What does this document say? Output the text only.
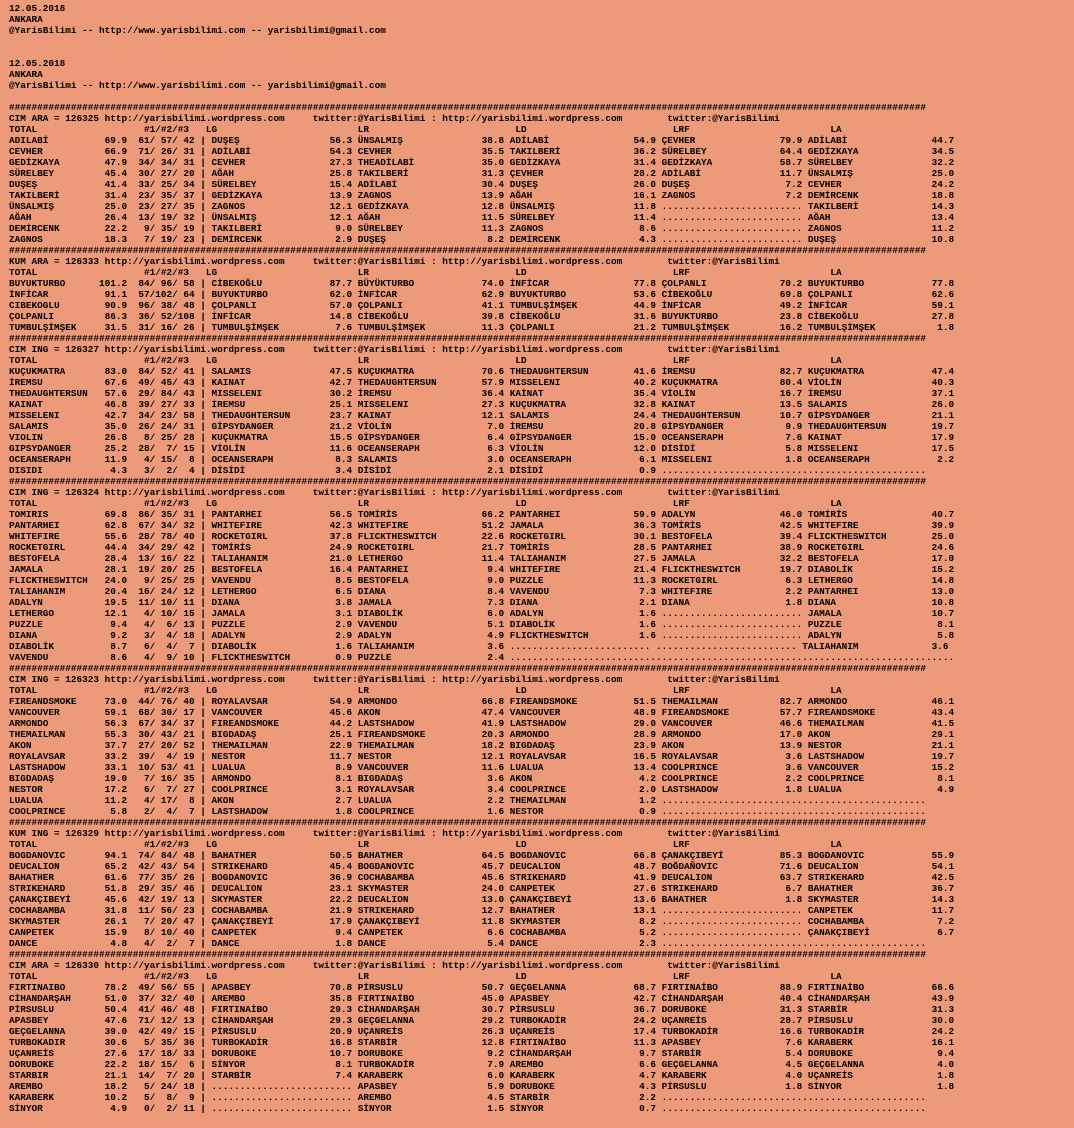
12.05.2018
ANKARA
@YarisBilimi -- http://www.yarisbilimi.com -- yarisbilimi@gmail.com
12.05.2018
ANKARA
@YarisBilimi -- http://www.yarisbilimi.com -- yarisbilimi@gmail.com
###################################################################################################################################################################
CIM ARA = 126325 http://yarisbilimi.wordpress.com     twitter:@YarisBilimi : http://yarisbilimi.wordpress.com        twitter:@YarisBilimi
TOTAL                   #1/#2/#3   LG                         LR                          LD                          LRF                         LA
ADILABİ          69.9  61/ 57/ 42 | DUŞEŞ                56.3 ÜNSALMIŞ              38.8 ADİLABİ               54.9 ÇEVHER               79.9 ADİLABİ               44.7
CEVHER           66.9  71/ 26/ 31 | ADİLABİ              54.3 CEVHER                35.5 TAKILBERİ             36.2 SÜRELBEY             64.4 GEDİZKAYA             34.5
GEDİZKAYA        47.9  34/ 34/ 31 | CEVHER               27.3 THEADİLABİ            35.0 GEDİZKAYA             31.4 GEDİZKAYA            58.7 SÜRELBEY              32.2
SÜRELBEY         45.4  30/ 27/ 20 | AĞAH                 25.8 TAKILBERİ             31.3 ÇEVHER                28.2 ADİLABİ              11.7 ÜNSALMIŞ              25.0
DUŞEŞ            41.4  33/ 25/ 34 | SÜRELBEY             15.4 ADİLABİ               30.4 DUŞEŞ                 26.0 DUŞEŞ                 7.2 CEVHER                24.2
TAKILBERİ        31.4  23/ 35/ 37 | GEDİZKAYA            13.9 ZAGNOS                13.9 AĞAH                  16.1 ZAGNOS                7.2 DEMİRCENK             18.8
ÜNSALMIŞ         25.0  23/ 27/ 35 | ZAGNOS               12.1 GEDİZKAYA             12.8 ÜNSALMIŞ              11.8 ......................... TAKILBERİ             14.3
AĞAH             26.4  13/ 19/ 32 | ÜNSALMIŞ             12.1 AĞAH                  11.5 SÜRELBEY              11.4 ......................... AĞAH                  13.4
DEMİRCENK        22.2   9/ 35/ 19 | TAKILBERİ             9.0 SÜRELBEY              11.3 ZAGNOS                 8.6 ......................... ZAGNOS                11.2
ZAGNOS           18.3   7/ 19/ 23 | DEMİRCENK             2.9 DUŞEŞ                  8.2 DEMİRCENK              4.3 ......................... DUŞEŞ                 10.8
###################################################################################################################################################################
KUM ARA = 126333 http://yarisbilimi.wordpress.com     twitter:@YarisBilimi : http://yarisbilimi.wordpress.com        twitter:@YarisBilimi
TOTAL                   #1/#2/#3   LG                         LR                          LD                          LRF                         LA
BUYUKTURBO      101.2  84/ 96/ 58 | CİBEKOĞLU            87.7 BÜYÜKTURBO            74.0 İNFİCAR               77.8 ÇOLPANLI             70.2 BUYUKTURBO            77.8
İNFİCAR          91.1  57/102/ 64 | BUYUKTURBO           62.0 İNFİCAR               62.9 BUYUKTURBO            53.6 CİBEKOĞLU            69.8 ÇOLPANLI              62.6
CIBEKOGLU        90.9  96/ 38/ 48 | ÇOLPANLI             57.0 ÇOLPANLI              41.1 TUMBULŞİMŞEK          44.9 İNFİCAR              49.2 İNFİCAR               59.1
ÇOLPANLI         86.3  36/ 52/108 | İNFİCAR              14.8 CİBEKOĞLU             39.8 CİBEKOĞLU             31.6 BUYUKTURBO           23.8 CİBEKOĞLU             27.8
TUMBULŞİMŞEK     31.5  31/ 16/ 26 | TUMBULŞİMŞEK          7.6 TUMBULŞİMŞEK          11.3 ÇOLPANLI              21.2 TUMBULŞİMŞEK         16.2 TUMBULŞİMŞEK           1.8
###################################################################################################################################################################
CIM ING = 126327 http://yarisbilimi.wordpress.com     twitter:@YarisBilimi : http://yarisbilimi.wordpress.com        twitter:@YarisBilimi
TOTAL                   #1/#2/#3   LG                         LR                          LD                          LRF                         LA
KUÇUKMATRA       83.0  84/ 52/ 41 | SALAMIS              47.5 KUÇUKMATRA            70.6 THEDAUGHTERSUN        41.6 İREMSU               82.7 KUÇUKMATRA            47.4
İREMSU           67.6  49/ 45/ 43 | KAINAT               42.7 THEDAUGHTERSUN        57.9 MISSELENI             40.2 KUÇUKMATRA           80.4 VİOLİN                40.3
THEDAUGHTERSUN   57.6  29/ 84/ 43 | MISSELENI            30.2 İREMSU                36.4 KAİNAT                35.4 VİOLİN               16.7 İREMSU                37.1
KAINAT           46.8  39/ 27/ 33 | İREMSU               25.1 MISSELENI             27.3 KUÇUKMATRA            32.8 KAINAT               13.5 SALAMIS               26.0
MISSELENI        42.7  34/ 23/ 58 | THEDAUGHTERSUN       23.7 KAINAT                12.1 SALAMIS               24.4 THEDAUGHTERSUN       10.7 GİPSYDANGER           21.1
SALAMIS          35.0  26/ 24/ 31 | GİPSYDANGER          21.2 VİOLİN                 7.0 İREMSU                20.8 GİPSYDANGER           9.9 THEDAUGHTERSUN        19.7
VIOLIN           26.8   8/ 25/ 28 | KUÇUKMATRA           15.5 GİPSYDANGER            6.4 GİPSYDANGER           15.0 OCEANSERAPH           7.6 KAINAT                17.9
GIPSYDANGER      25.2  28/  7/ 15 | VİOLİN               11.6 OCEANSERAPH            6.3 VİOLİN                12.0 DİSİDİ                5.8 MISSELENI             17.5
OCEANSERAPH      11.9   4/ 15/  8 | OCEANSERAPH           8.3 SALAMIS                3.0 OCEANSERAPH            6.1 MISSELENI             1.8 OCEANSERAPH            2.2
DISIDI            4.3   3/  2/  4 | DİSİDİ                3.4 DİSİDİ                 2.1 DİSİDİ                 0.9 ...............................................
###################################################################################################################################################################
CIM ING = 126324 http://yarisbilimi.wordpress.com     twitter:@YarisBilimi : http://yarisbilimi.wordpress.com        twitter:@YarisBilimi
TOTAL                   #1/#2/#3   LG                         LR                          LD                          LRF                         LA
TOMIRIS          69.8  86/ 35/ 31 | PANTARHEI            56.5 TOMİRİS               66.2 PANTARHEI             59.9 ADALYN               46.0 TOMİRİS               40.7
PANTARHEI        62.8  67/ 34/ 32 | WHITEFIRE            42.3 WHITEFIRE             51.2 JAMALA                36.3 TOMİRİS              42.5 WHITEFIRE             39.9
WHITEFIRE        55.6  28/ 78/ 40 | ROCKETGIRL           37.8 FLICKTHESWITCH        22.6 ROCKETGIRL            30.1 BESTOFELA            39.4 FLICKTHESWITCH        25.0
ROCKETGIRL       44.4  34/ 29/ 42 | TOMİRİS              24.9 ROCKETGIRL            21.7 TOMİRİS               28.5 PANTARHEI            38.9 ROCKETGIRL            24.6
BESTOFELA        28.4  13/ 16/ 22 | TALIAHANIM           21.0 LETHERGO              11.4 TALIAHANIM            27.5 JAMALA               32.2 BESTOFELA             17.0
JAMALA           28.1  19/ 20/ 25 | BESTOFELA            16.4 PANTARHEI              9.4 WHITEFIRE             21.4 FLICKTHESWITCH       19.7 DIABOLİK              15.2
FLICKTHESWITCH   24.0   9/ 25/ 25 | VAVENDU               8.5 BESTOFELA              9.0 PUZZLE                11.3 ROCKETGIRL            6.3 LETHERGO              14.8
TALIAHANIM       20.4  16/ 24/ 12 | LETHERGO              6.5 DIANA                  8.4 VAVENDU                7.3 WHITEFIRE             2.2 PANTARHEI             13.0
ADALYN           19.5  11/ 10/ 11 | DIANA                 3.8 JAMALA                 7.3 DIANA                  2.1 DIANA                 1.8 DIANA                 10.8
LETHERGO         12.1   4/ 10/ 15 | JAMALA                3.1 DIABOLİK               6.0 ADALYN                 1.6 ......................... JAMALA                10.7
PUZZLE            9.4   4/  6/ 13 | PUZZLE                2.9 VAVENDU                5.1 DIABOLİK               1.6 ......................... PUZZLE                 8.1
DIANA             9.2   3/  4/ 18 | ADALYN                2.9 ADALYN                 4.9 FLICKTHESWITCH         1.6 ......................... ADALYN                 5.8
DIABOLİK          8.7   6/  4/  7 | DIABOLİK              1.6 TALIAHANIM             3.6 ......................... ......................... TALIAHANIM             3.6
VAVENDU           8.6   4/  9/ 10 | FLICKTHESWITCH        0.9 PUZZLE                 2.4 ...............................................................................
###################################################################################################################################################################
CIM ING = 126323 http://yarisbilimi.wordpress.com     twitter:@YarisBilimi : http://yarisbilimi.wordpress.com        twitter:@YarisBilimi
TOTAL                   #1/#2/#3   LG                         LR                          LD                          LRF                         LA
FIREANDSMOKE     73.0  44/ 76/ 40 | ROYALAVSAR           54.9 ARMONDO               66.8 FIREANDSMOKE          51.5 THEMAILMAN           82.7 ARMONDO               46.1
VANCOUVER        59.1  68/ 30/ 17 | VANCOUVER            45.6 AKON                  47.4 VANCOUVER             48.9 FIREANDSMOKE         57.7 FIREANDSMOKE          43.4
ARMONDO          56.3  67/ 34/ 37 | FIREANDSMOKE         44.2 LASTSHADOW            41.9 LASTSHADOW            29.0 VANCOUVER            46.6 THEMAILMAN            41.5
THEMAILMAN       55.3  30/ 43/ 21 | BIGDADAŞ             25.1 FIREANDSMOKE          20.3 ARMONDO               28.9 ARMONDO              17.0 AKON                  29.1
AKON             37.7  27/ 20/ 52 | THEMAILMAN           22.9 THEMAILMAN            18.2 BIGDADAŞ              23.9 AKON                 13.9 NESTOR                21.1
ROYALAVSAR       33.2  39/  4/ 19 | NESTOR               11.7 NESTOR                12.1 ROYALAVSAR            16.5 ROYALAVSAR            3.6 LASTSHADOW            19.7
LASTSHADOW       33.1  10/ 53/ 41 | LUALUA                8.9 VANCOUVER             11.6 LUALUA                13.4 COOLPRINCE            3.6 VANCOUVER             15.2
BIGDADAŞ         19.0   7/ 16/ 35 | ARMONDO               8.1 BIGDADAŞ               3.6 AKON                   4.2 COOLPRINCE            2.2 COOLPRINCE             8.1
NESTOR           17.2   6/  7/ 27 | COOLPRINCE            3.1 ROYALAVSAR             3.4 COOLPRINCE             2.0 LASTSHADOW            1.8 LUALUA                 4.9
LUALUA           11.2   4/ 17/  8 | AKON                  2.7 LUALUA                 2.2 THEMAILMAN             1.2 ...............................................
COOLPRINCE        5.8   2/  4/  7 | LASTSHADOW            1.8 COOLPRINCE             1.6 NESTOR                 0.9 ...............................................
###################################################################################################################################################################
KUM ING = 126329 http://yarisbilimi.wordpress.com     twitter:@YarisBilimi : http://yarisbilimi.wordpress.com        twitter:@YarisBilimi
TOTAL                   #1/#2/#3   LG                         LR                          LD                          LRF                         LA
BOGDANOVIC       94.1  74/ 84/ 48 | BAHATHER             50.5 BAHATHER              64.5 BOGDANOVIC            66.8 ÇANAKÇIBEYİ          85.3 BOGDANOVIC            55.9
DEUCALION        65.2  42/ 43/ 54 | STRIKEHARD           45.4 BOGDANOVIC            45.7 DEUCALION             48.7 BOĞDAÑOVIC           71.6 DEUCALION             54.1
BAHATHER         61.6  77/ 35/ 26 | BOGDANOVIC           36.9 COCHABAMBA            45.6 STRIKEHARD            41.9 DEUCALION            63.7 STRIKEHARD            42.5
STRIKEHARD       51.8  29/ 35/ 46 | DEUCALION            23.1 SKYMASTER             24.0 CANPETEK              27.6 STRIKEHARD            6.7 BAHATHER              36.7
ÇANAKÇIBEYİ      45.6  42/ 19/ 13 | SKYMASTER            22.2 DEUCALION             13.0 ÇANAKÇIBEYİ           13.6 BAHATHER              1.8 SKYMASTER             14.3
COCHABAMBA       31.8  11/ 56/ 23 | COCHABAMBA           21.9 STRIKEHARD            12.7 BAHATHER              13.1 ......................... CANPETEK              11.7
SKYMASTER        26.1   7/ 20/ 47 | ÇANAKÇIBEYİ          17.9 ÇANAKÇIBEYİ           11.8 SKYMASTER              8.2 ......................... COCHABAMBA             7.2
CANPETEK         15.9   8/ 10/ 40 | CANPETEK              9.4 CANPETEK               6.6 COCHABAMBA             5.2 ......................... ÇANAKÇIBEYİ            6.7
DANCE             4.8   4/  2/  7 | DANCE                 1.8 DANCE                  5.4 DANCE                  2.3 ...............................................
###################################################################################################################################################################
CIM ARA = 126330 http://yarisbilimi.wordpress.com     twitter:@YarisBilimi : http://yarisbilimi.wordpress.com        twitter:@YarisBilimi
TOTAL                   #1/#2/#3   LG                         LR                          LD                          LRF                         LA
FIRTINAIBO       78.2  49/ 56/ 55 | APASBEY              70.8 PİRSUSLU              50.7 GEÇGELANNA            68.7 FIRTINAİBO           88.9 FIRTINAİBO            66.6
CİHANDARŞAH      51.0  37/ 32/ 40 | AREMBO               35.8 FIRTINAİBO            45.0 APASBEY               42.7 CİHANDARŞAH          40.4 CİHANDARŞAH           43.9
PİRSUSLU         50.4  41/ 46/ 48 | FIRTINAİBO           29.3 CİHANDARŞAH           30.7 PİRSUSLU              36.7 DORUBOKE             31.3 STARBİR               31.3
APASBEY          47.6  71/ 12/ 13 | CİHANDARŞAH          29.3 GEÇGELANNA            29.2 TURBOKADİR            24.2 UÇANREİS             28.7 PİRSUSLU              30.0
GEÇGELANNA       39.0  42/ 49/ 15 | PİRSUSLU             20.9 UÇANREİS              26.3 UÇANREİS              17.4 TURBOKADİR           16.6 TURBOKADİR            24.2
TURBOKADIR       30.6   5/ 35/ 36 | TURBOKADİR           16.8 STARBİR               12.8 FIRTINAİBO            11.3 APASBEY               7.6 KARABERK              16.1
UÇANREİS         27.6  17/ 18/ 33 | DORUBOKE             10.7 DORUBOKE               9.2 CİHANDARŞAH            9.7 STARBİR               5.4 DORUBOKE               9.4
DORUBOKE         22.2  18/ 15/  6 | SİNYOR                8.1 TURBOKADİR             7.9 AREMBO                 6.6 GEÇGELANNA            4.5 GEÇGELANNA             4.0
STARBIR          21.1  14/  7/ 20 | STARBİR               7.4 KARABERK               6.0 KARABERK               4.7 KARABERK              4.0 UÇANREİS               1.8
AREMBO           18.2   5/ 24/ 18 | ......................... APASBEY                5.9 DORUBOKE               4.3 PİRSUSLU              1.8 SİNYOR                 1.8
KARABERK         10.2   5/  8/  9 | ......................... AREMBO                 4.5 STARBİR                2.2 ...............................................
SİNYOR            4.9   0/  2/ 11 | ......................... SİNYOR                 1.5 SİNYOR                 0.7 ...............................................
